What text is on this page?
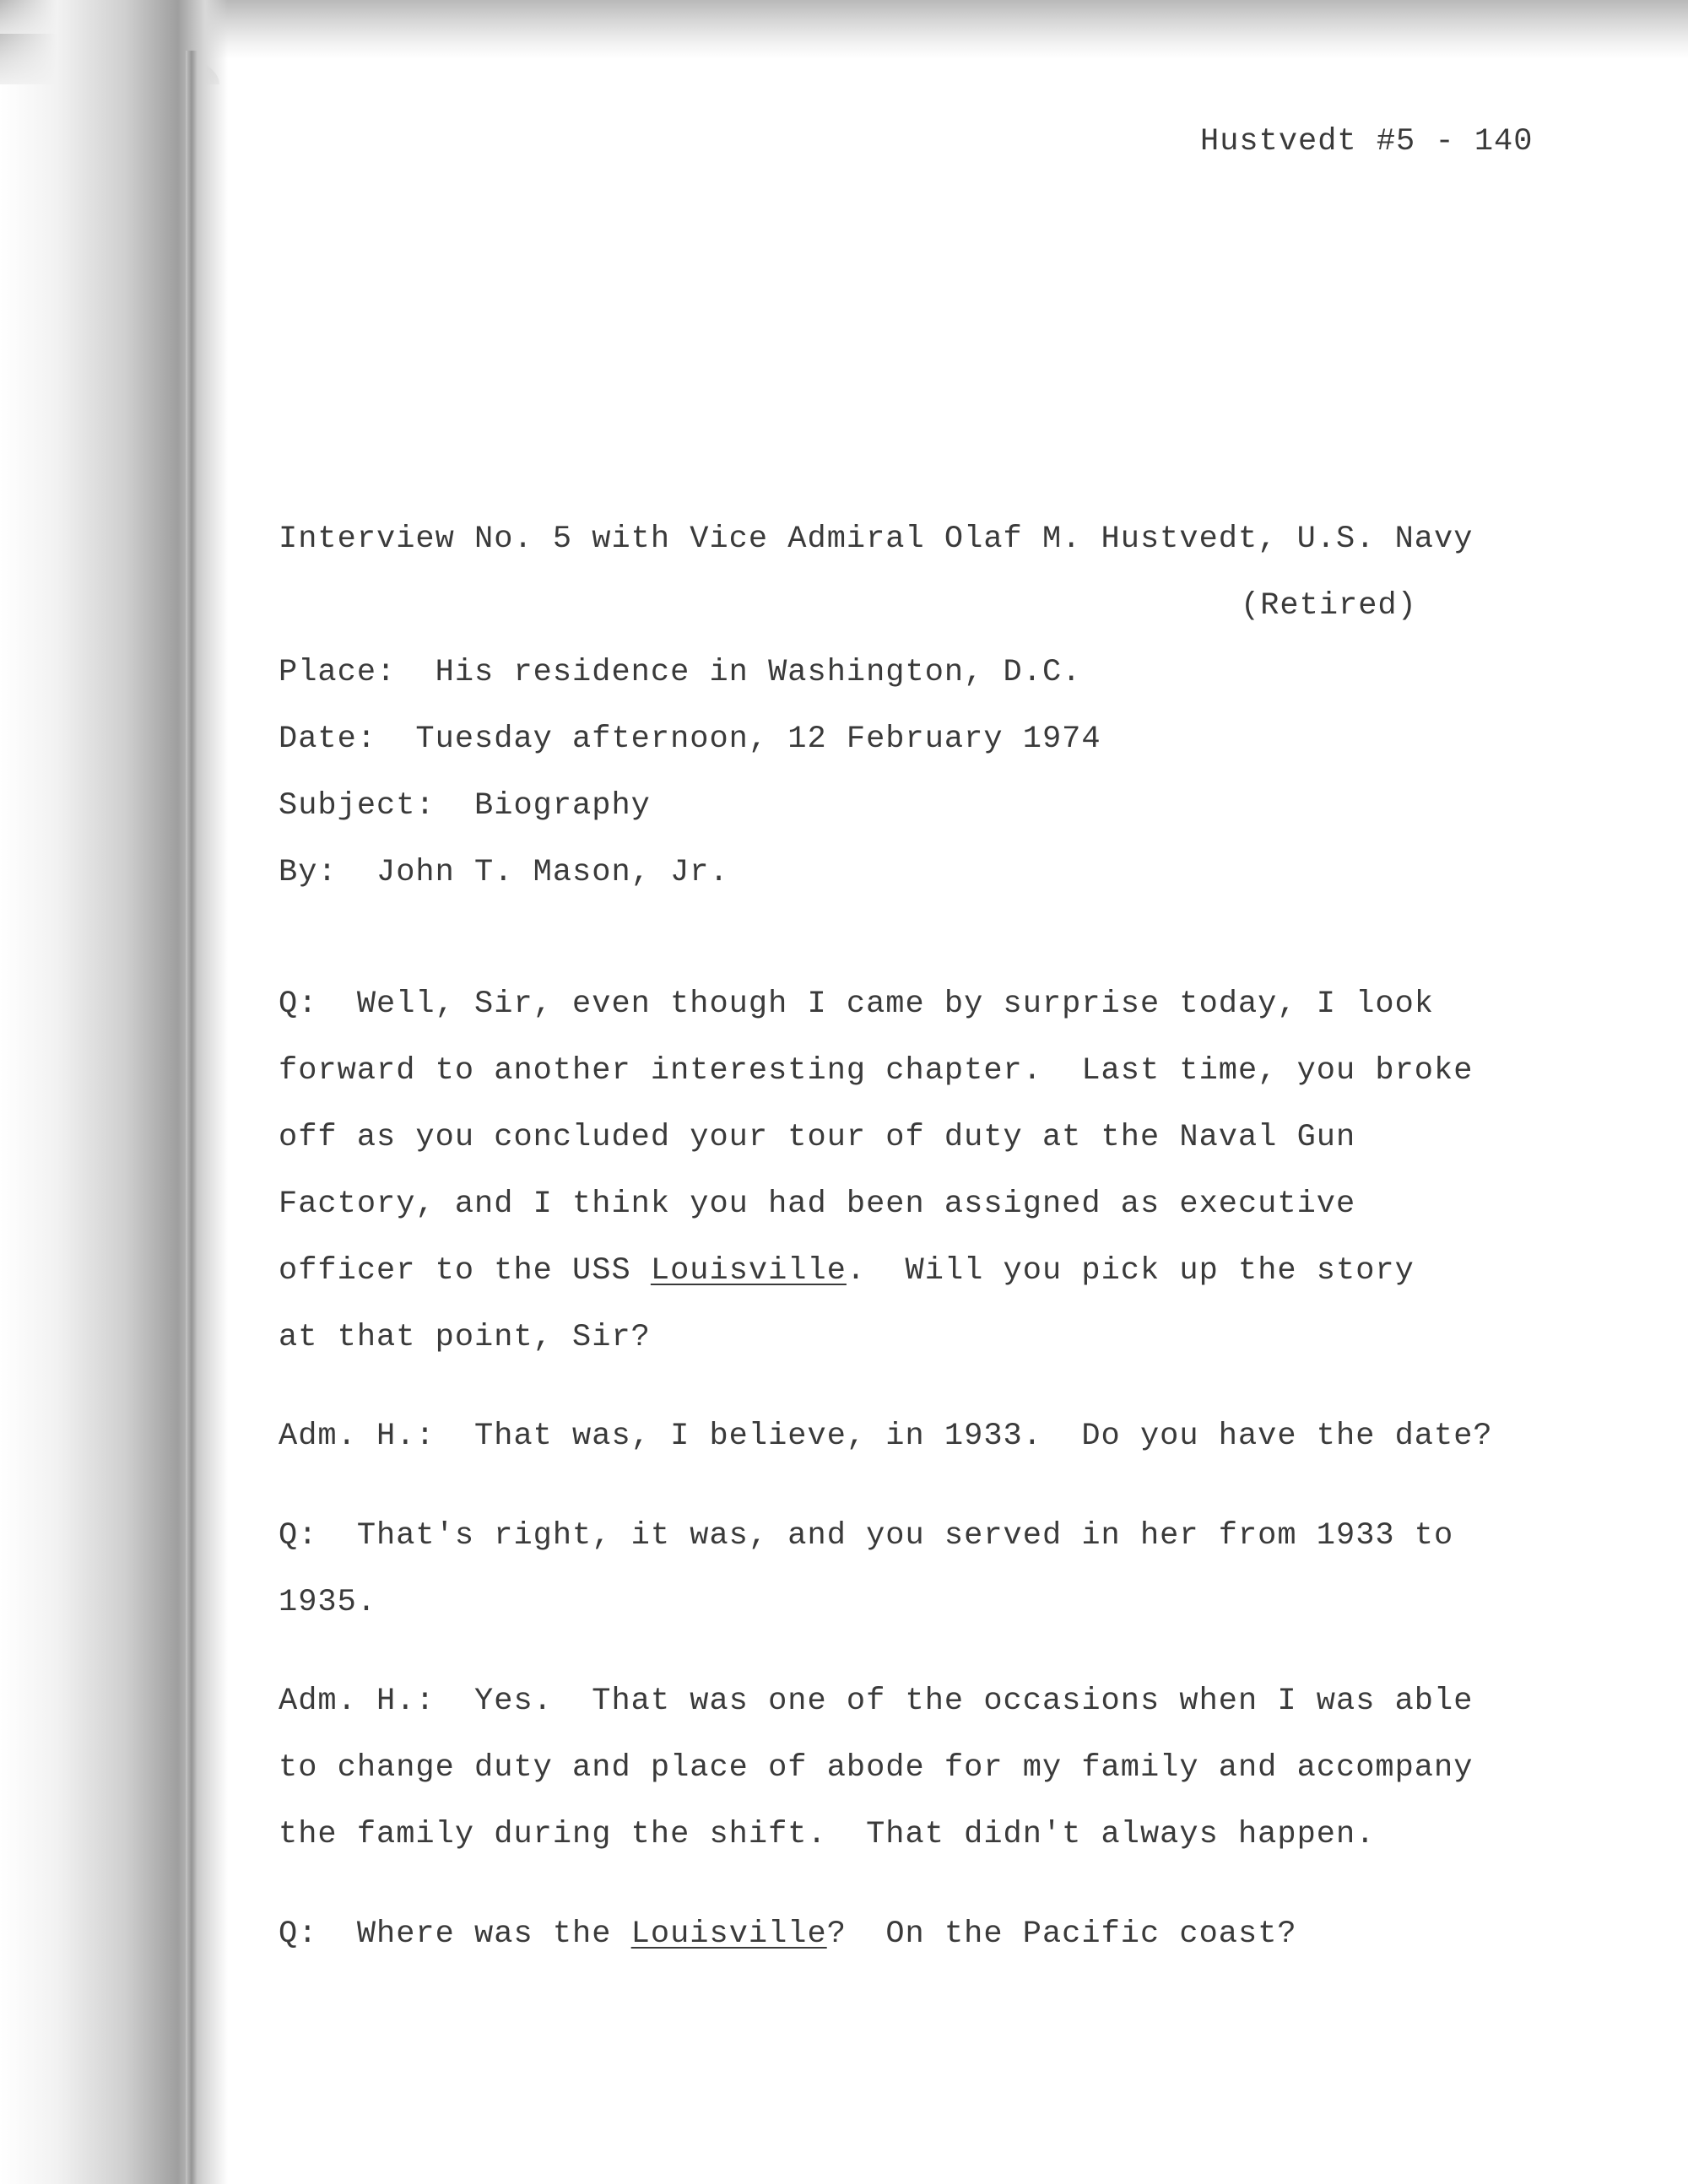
Hustvedt #5 - 140
Interview No. 5 with Vice Admiral Olaf M. Hustvedt, U.S. Navy
(Retired)
Place:  His residence in Washington, D.C.
Date:  Tuesday afternoon, 12 February 1974
Subject:  Biography
By:  John T. Mason, Jr.
Q:  Well, Sir, even though I came by surprise today, I look
forward to another interesting chapter.  Last time, you broke
off as you concluded your tour of duty at the Naval Gun
Factory, and I think you had been assigned as executive
officer to the USS Louisville.  Will you pick up the story
at that point, Sir?
Adm. H.:  That was, I believe, in 1933.  Do you have the date?
Q:  That's right, it was, and you served in her from 1933 to
1935.
Adm. H.:  Yes.  That was one of the occasions when I was able
to change duty and place of abode for my family and accompany
the family during the shift.  That didn't always happen.
Q:  Where was the Louisville?  On the Pacific coast?
